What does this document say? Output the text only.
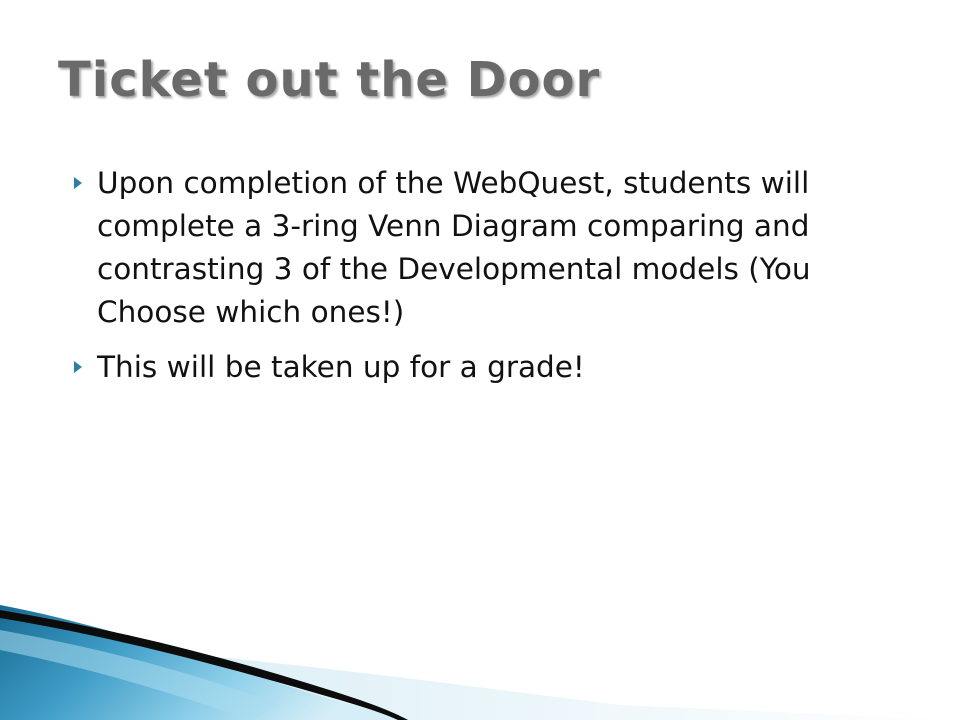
Ticket out the Door
Upon completion of the WebQuest, students will complete a 3-ring Venn Diagram comparing and contrasting 3 of the Developmental models (You Choose which ones!)
This will be taken up for a grade!
